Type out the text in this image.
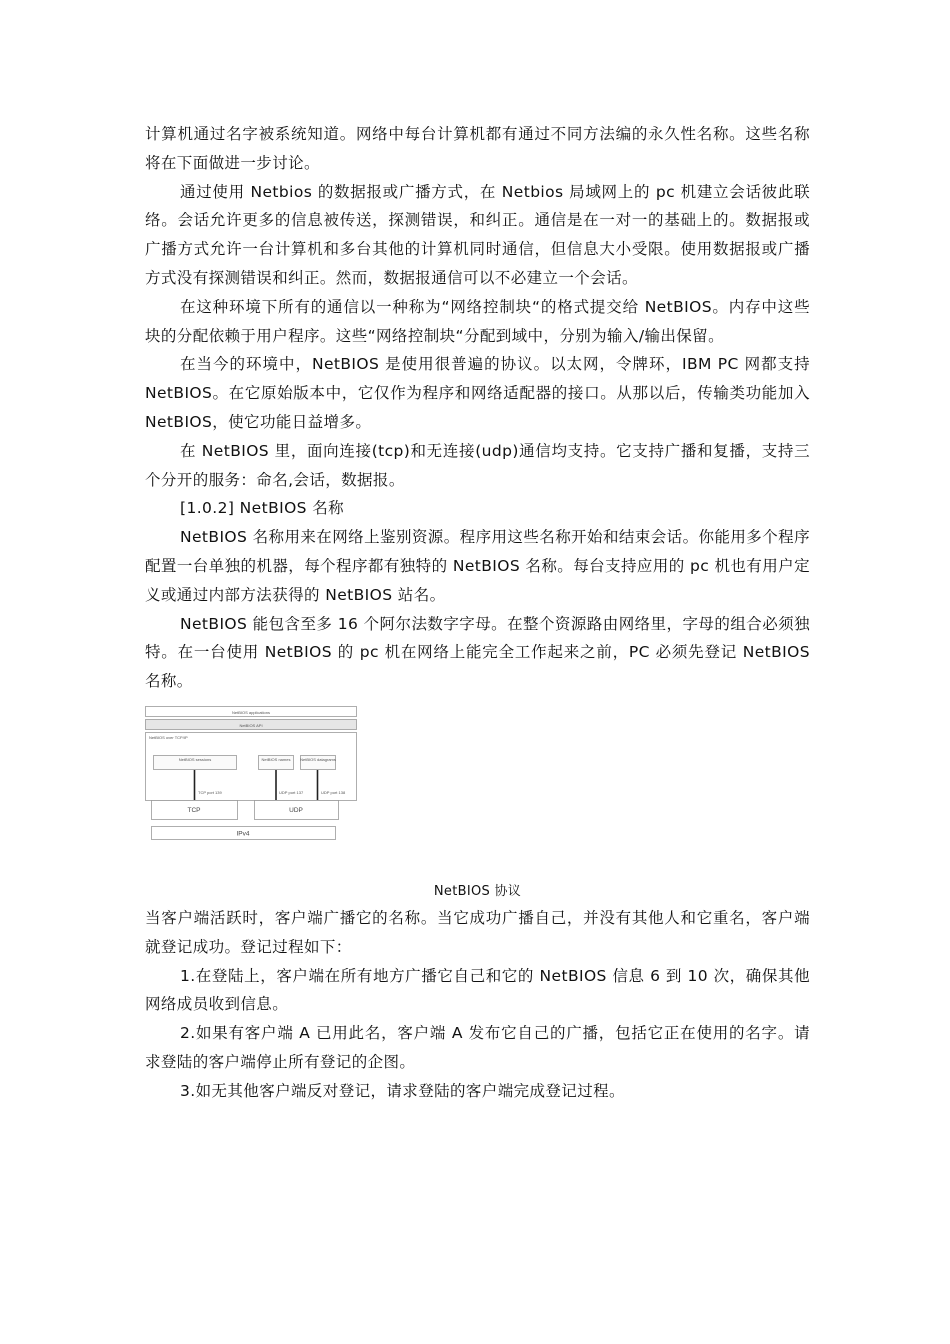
计算机通过名字被系统知道。网络中每台计算机都有通过不同方法编的永久性名称。这些名称将在下面做进一步讨论。

通过使用 Netbios 的数据报或广播方式，在 Netbios 局域网上的 pc 机建立会话彼此联络。会话允许更多的信息被传送，探测错误，和纠正。通信是在一对一的基础上的。数据报或广播方式允许一台计算机和多台其他的计算机同时通信，但信息大小受限。使用数据报或广播方式没有探测错误和纠正。然而，数据报通信可以不必建立一个会话。

在这种环境下所有的通信以一种称为“网络控制块“的格式提交给 NetBIOS。内存中这些块的分配依赖于用户程序。这些“网络控制块“分配到域中，分别为输入/输出保留。

在当今的环境中，NetBIOS 是使用很普遍的协议。以太网，令牌环，IBM PC 网都支持 NetBIOS。在它原始版本中，它仅作为程序和网络适配器的接口。从那以后，传输类功能加入 NetBIOS，使它功能日益增多。

在 NetBIOS 里，面向连接(tcp)和无连接(udp)通信均支持。它支持广播和复播，支持三个分开的服务：命名,会话，数据报。

[1.0.2] NetBIOS 名称

NetBIOS 名称用来在网络上鉴别资源。程序用这些名称开始和结束会话。你能用多个程序配置一台单独的机器，每个程序都有独特的 NetBIOS 名称。每台支持应用的 pc 机也有用户定义或通过内部方法获得的 NetBIOS 站名。

NetBIOS 能包含至多 16 个阿尔法数字字母。在整个资源路由网络里，字母的组合必须独特。在一台使用 NetBIOS 的 pc 机在网络上能完全工作起来之前，PC 必须先登记 NetBIOS 名称。

NetBIOS applications
NetBIOS API
NetBIOS over TCP/IP
NetBIOS sessions	NetBIOS names NetBIOS datagrams
TCP port 139	UDP port 137	UDP port 138
TCP	UDP
IPv4

NetBIOS 协议

当客户端活跃时，客户端广播它的名称。当它成功广播自己，并没有其他人和它重名，客户端就登记成功。登记过程如下：

1.在登陆上，客户端在所有地方广播它自己和它的 NetBIOS 信息 6 到 10 次，确保其他网络成员收到信息。

2.如果有客户端 A 已用此名，客户端 A 发布它自己的广播，包括它正在使用的名字。请求登陆的客户端停止所有登记的企图。

3.如无其他客户端反对登记，请求登陆的客户端完成登记过程。
